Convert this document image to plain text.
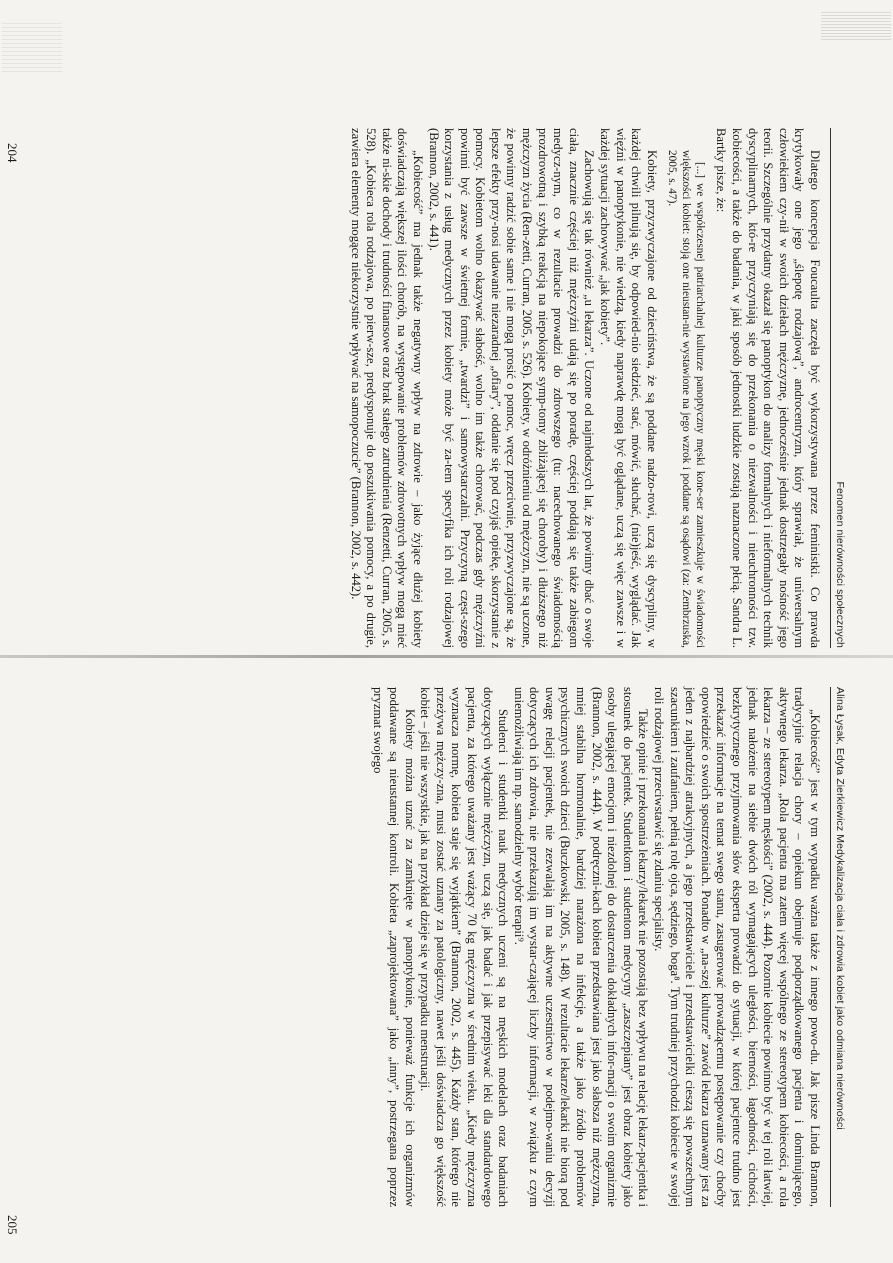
Fenomen nierówności społecznych

Dlatego koncepcja Foucaulta zaczęła być wykorzystywana przez feministki. Co prawda krytykowały one jego „ślepotę rodzajową”, androcentryzm, który sprawiał, że uniwersalnym człowiekiem czy-nił w swoich dziełach mężczyznę, jednocześnie jednak dostrzegały nośność jego teorii. Szczególnie przydatny okazał się panoptykon do analizy formalnych i nieformalnych technik dyscyplinarnych, któ-re przyczyniają się do przekonania o niezwalności i nieuchronności tzw. kobiecości, a także do badania, w jaki sposób jednostki ludzkie zostają naznaczone płcią. Sandra L. Bartky pisze, że:

[...] we współczesnej patriarchalnej kulturze panoptyczny męski kone-ser zamieszkuje w świadomości większości kobiet: stoją one nieustan-nie wystawione na jego wzrok i poddane są osądowi (za: Zembrzuska, 2005, s. 47).

Kobiety, przyzwyczajone od dzieciństwa, że są poddane nadzo-rowi, uczą się dyscypliny, w każdej chwili pilnują się, by odpowied-nio siedzieć, stać, mówić, słuchać, (nie)jeść, wyglądać. Jak więźni w panoptykonie, nie wiedzą, kiedy naprawdę mogą być oglądane, uczą się więc zawsze i w każdej sytuacji zachowywać „jak kobiety”.

Zachowują się tak również „u lekarza”. Uczone od najmłodszych lat, że powinny dbać o swoje ciała, znacznie częściej niż mężczyźni udają się po poradę, częściej poddają się także zabiegom medycz-nym, co w rezultacie prowadzi do zdrowszego (tu: nacechowanego świadomością prozdrowotną i szybką reakcją na niepokojące symp-tomy zbliżającej się choroby) i dłuższego niż mężczyzn życia (Ren-zetti, Curran, 2005, s. 526). Kobiety, w odróżnieniu od mężczyzn, nie są uczone, że powinny radzić sobie same i nie mogą prosić o pomoc, wręcz przeciwnie, przyzwyczajone są, że lepsze efekty przy-nosi udawanie niezaradnej „ofiary”, oddanie się pod czyjąś opiekę, skorzystanie z pomocy. Kobietom wolno okazywać słabość, wolno im także chorować, podczas gdy mężczyźni powinni być zawsze w świetnej formie, „twardzi” i samowystarczalni. Przyczyną częst-szego korzystania z usług medycznych przez kobiety może być za-tem specyfika ich roli rodzajowej (Brannon, 2002, s. 441).

„Kobiecość” ma jednak także negatywny wpływ na zdrowie – jako żyjące dłużej kobiety doświadczają większej ilości chorób, na występowanie problemów zdrowotnych wpływ mogą mieć także ni-skie dochody i trudności finansowe oraz brak stałego zatrudnienia (Renzetti, Curran, 2005, s. 528). „Kobieca rola rodzajowa, po pierw-sze, predysponuje do poszukiwania pomocy, a po drugie, zawiera elementy mogące niekorzystnie wpływać na samopoczucie” (Brannon, 2002, s. 442).

Alina Łysak, Edyta Zierkiewicz Medykalizacja ciała i zdrowia kobiet jako odmiana nierówności

„Kobiecość” jest w tym wypadku ważna także z innego powo-du. Jak pisze Linda Brannon, tradycyjnie relacja chory – opiekun obejmuje podporządkowanego pacjenta i dominującego, aktywnego lekarza. „Rola pacjenta ma zatem więcej wspólnego ze stereotypem kobiecości, a rola lekarza – ze stereotypem męskości” (2002, s. 444). Pozornie kobiecie powinno być w tej roli łatwiej, jednak nałożenie na siebie dwóch ról wymagających uległości, bierności, łagodności, cichości, bezkrytycznego przyjmowania słów eksperta prowadzi do sytuacji, w której pacjentce trudno jest przekazać informacje na temat swego stanu, zasugerować prowadzącemu postępowanie czy choćby opowiedzieć o swoich spostrzeżeniach. Ponadto w „na-szej kulturze” zawód lekarza uznawany jest za jeden z najbardziej atrakcyjnych, a jego przedstawiciele i przedstawicielki cieszą się powszechnym szacunkiem i zaufaniem, pełnią rolę ojca, sędziego, boga⁸. Tym trudniej przychodzi kobiecie w swojej roli rodzajowej przeciwstawić się zdaniu specjalisty.

Także opinie i przekonania lekarzy/lekarek nie pozostają bez wpływu na relację lekarz-pacjentka i stosunek do pacjentek. Studentkom i studentom medycyny „zaszczepiany” jest obraz kobiety jako osoby ulegającej emocjom i niezdolnej do dostarczenia dokładnych infor-macji o swoim organizmie (Brannon, 2002, s. 444). W podręczni-kach kobieta przedstawiana jest jako słabsza niż mężczyzna, mniej stabilna hormonalnie, bardziej narażona na infekcje, a także jako źródło problemów psychicznych swoich dzieci (Buczkowski, 2005, s. 148). W rezultacie lekarze/lekarki nie biorą pod uwagę relacji pacjentek, nie zezwalają im na aktywne uczestnictwo w podejmo-waniu decyzji dotyczących ich zdrowia, nie przekazują im wystar-czającej liczby informacji, w związku z czym uniemożliwiają im np. samodzielny wybór terapii⁹.

Studenci i studentki nauk medycznych uczeni są na męskich modelach oraz badaniach dotyczących wyłącznie mężczyzn, uczą się, jak badać i jak przepisywać leki dla standardowego pacjenta, za którego uważany jest ważący 70 kg mężczyzna w średnim wieku. „Kiedy mężczyzna wyznacza normę, kobieta staje się wyjątkiem” (Brannon, 2002, s. 445). Każdy stan, którego nie przeżywa mężczy-zna, musi zostać uznany za patologiczny, nawet jeśli doświadcza go większość kobiet – jeśli nie wszystkie, jak na przykład dzieje się w przypadku menstruacji.

Kobiety można uznać za zamknięte w panoptykonie, ponieważ funkcje ich organizmów poddawane są nieustannej kontroli. Kobieta „zaprojektowana” jako „inny”, postrzegana poprzez pryzmat swojego

204
205
